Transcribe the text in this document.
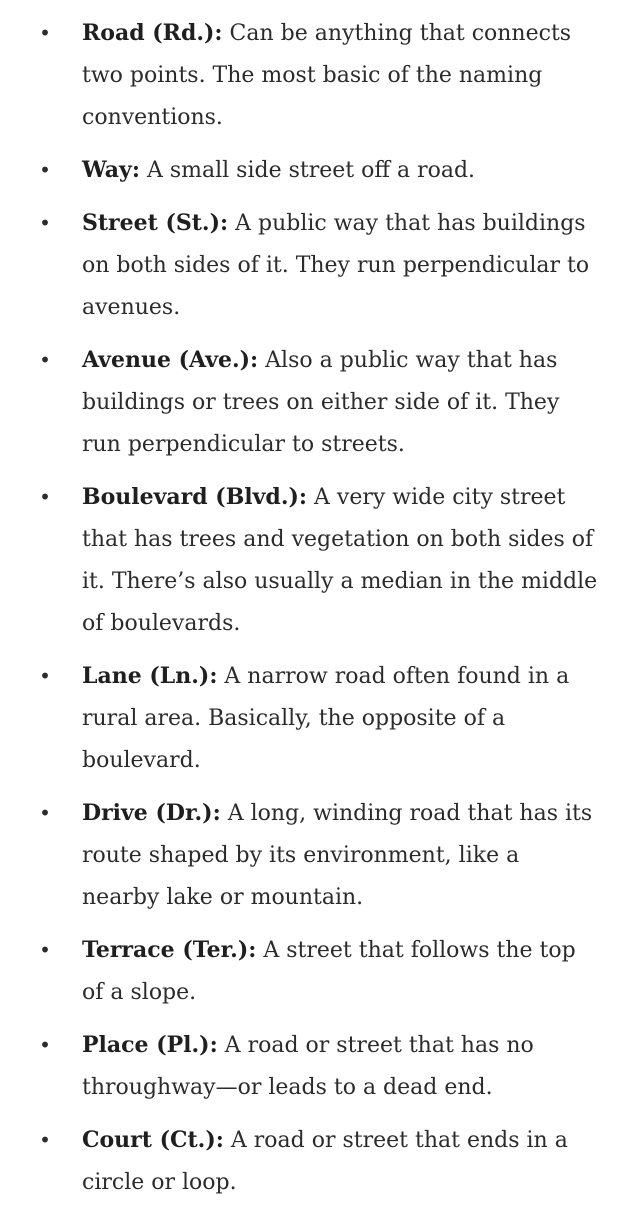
• Road (Rd.): Can be anything that connects two points. The most basic of the naming conventions.
• Way: A small side street off a road.
• Street (St.): A public way that has buildings on both sides of it. They run perpendicular to avenues.
• Avenue (Ave.): Also a public way that has buildings or trees on either side of it. They run perpendicular to streets.
• Boulevard (Blvd.): A very wide city street that has trees and vegetation on both sides of it. There’s also usually a median in the middle of boulevards.
• Lane (Ln.): A narrow road often found in a rural area. Basically, the opposite of a boulevard.
• Drive (Dr.): A long, winding road that has its route shaped by its environment, like a nearby lake or mountain.
• Terrace (Ter.): A street that follows the top of a slope.
• Place (Pl.): A road or street that has no throughway—or leads to a dead end.
• Court (Ct.): A road or street that ends in a circle or loop.
